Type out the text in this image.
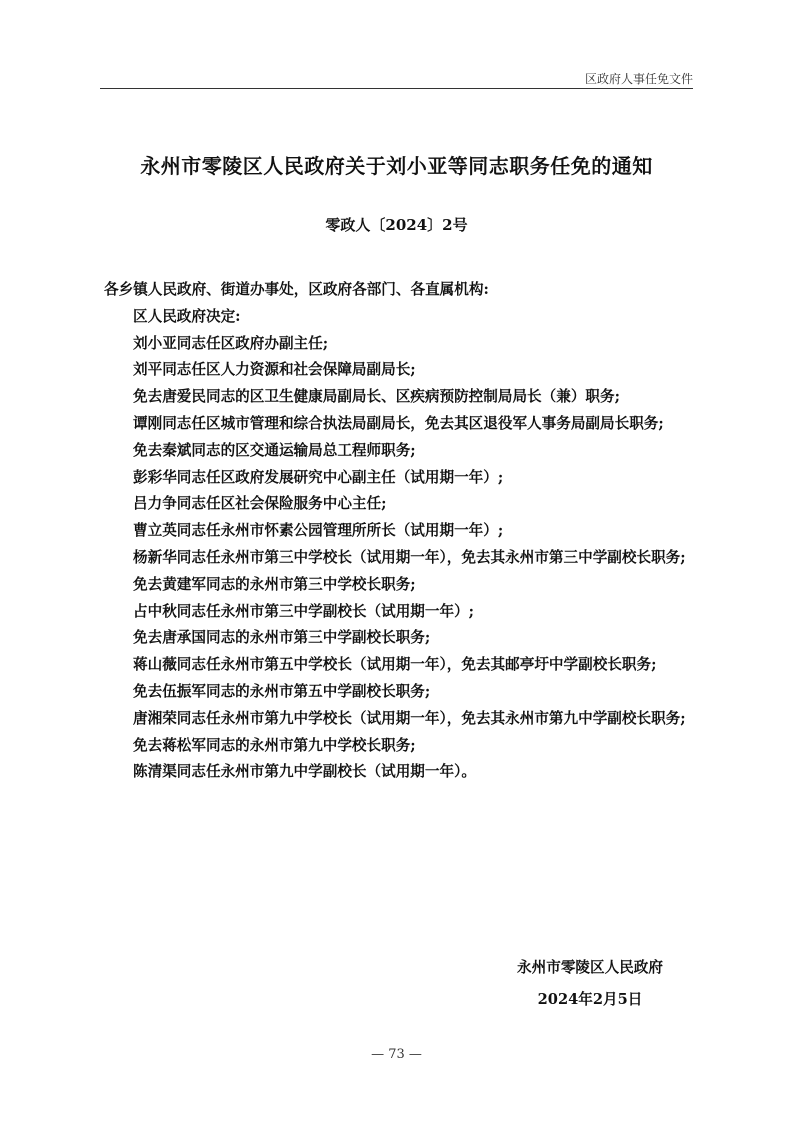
区政府人事任免文件
永州市零陵区人民政府关于刘小亚等同志职务任免的通知
零政人〔2024〕2号

各乡镇人民政府、街道办事处，区政府各部门、各直属机构:

区人民政府决定:

刘小亚同志任区政府办副主任;

刘平同志任区人力资源和社会保障局副局长;

免去唐爱民同志的区卫生健康局副局长、区疾病预防控制局局长（兼）职务;

谭刚同志任区城市管理和综合执法局副局长，免去其区退役军人事务局副局长职务;

免去秦斌同志的区交通运输局总工程师职务;

彭彩华同志任区政府发展研究中心副主任（试用期一年）;

吕力争同志任区社会保险服务中心主任;

曹立英同志任永州市怀素公园管理所所长（试用期一年）;

杨新华同志任永州市第三中学校长（试用期一年），免去其永州市第三中学副校长职务;

免去黄建军同志的永州市第三中学校长职务;

占中秋同志任永州市第三中学副校长（试用期一年）;

免去唐承国同志的永州市第三中学副校长职务;

蒋山薇同志任永州市第五中学校长（试用期一年），免去其邮亭圩中学副校长职务;

免去伍振军同志的永州市第五中学副校长职务;

唐湘荣同志任永州市第九中学校长（试用期一年），免去其永州市第九中学副校长职务;

免去蒋松军同志的永州市第九中学校长职务;

陈清渠同志任永州市第九中学副校长（试用期一年）。

永州市零陵区人民政府
2024年2月5日
— 73 —
